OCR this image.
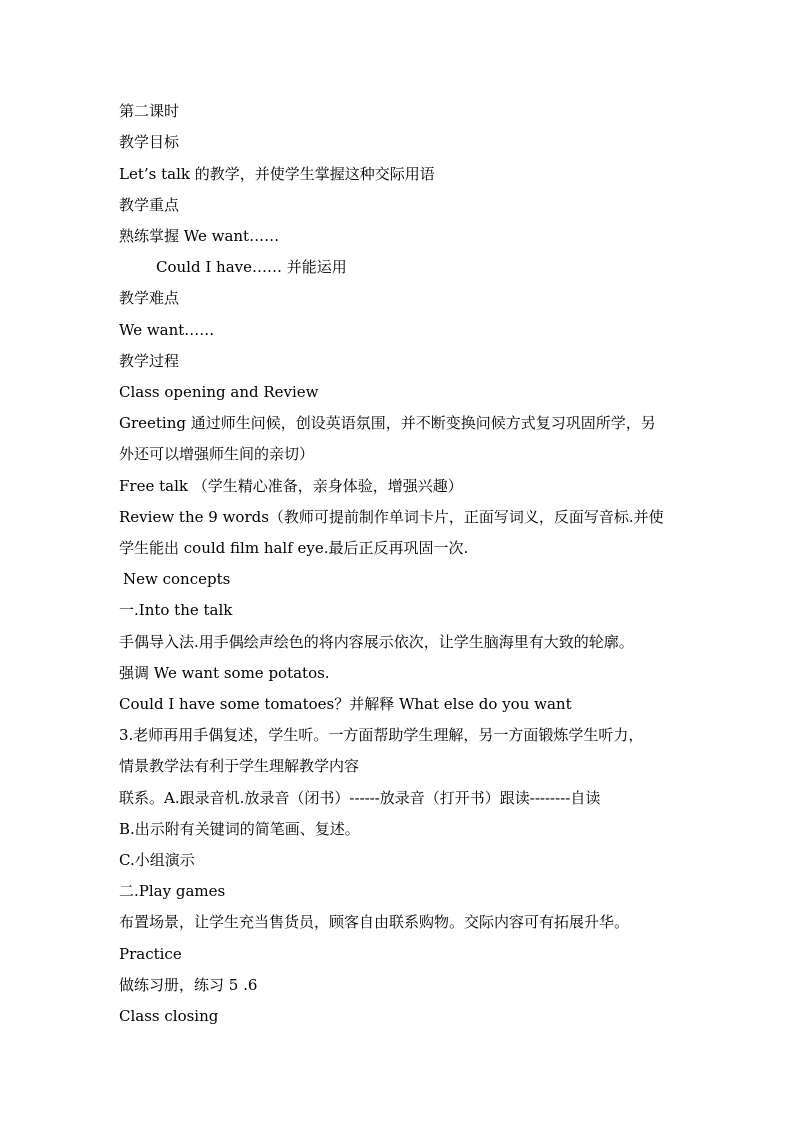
第二课时
教学目标
Let’s talk 的教学，并使学生掌握这种交际用语
教学重点
熟练掌握 We want……
Could I have…… 并能运用
教学难点
We want……
教学过程
Class opening and Review
Greeting 通过师生问候，创设英语氛围，并不断变换问候方式复习巩固所学，另
外还可以增强师生间的亲切）
Free talk （学生精心准备，亲身体验，增强兴趣）
Review the 9 words（教师可提前制作单词卡片，正面写词义，反面写音标.并使
学生能出 could film half eye.最后正反再巩固一次.
New concepts
一.Into the talk
手偶导入法.用手偶绘声绘色的将内容展示依次，让学生脑海里有大致的轮廓。
强调 We want some potatos.
Could I have some tomatoes？并解释 What else do you want
3.老师再用手偶复述，学生听。一方面帮助学生理解，另一方面锻炼学生听力，
情景教学法有利于学生理解教学内容
联系。A.跟录音机.放录音（闭书）------放录音（打开书）跟读--------自读
B.出示附有关键词的简笔画、复述。
C.小组演示
二.Play games
布置场景，让学生充当售货员，顾客自由联系购物。交际内容可有拓展升华。
Practice
做练习册，练习 5 .6
Class closing
